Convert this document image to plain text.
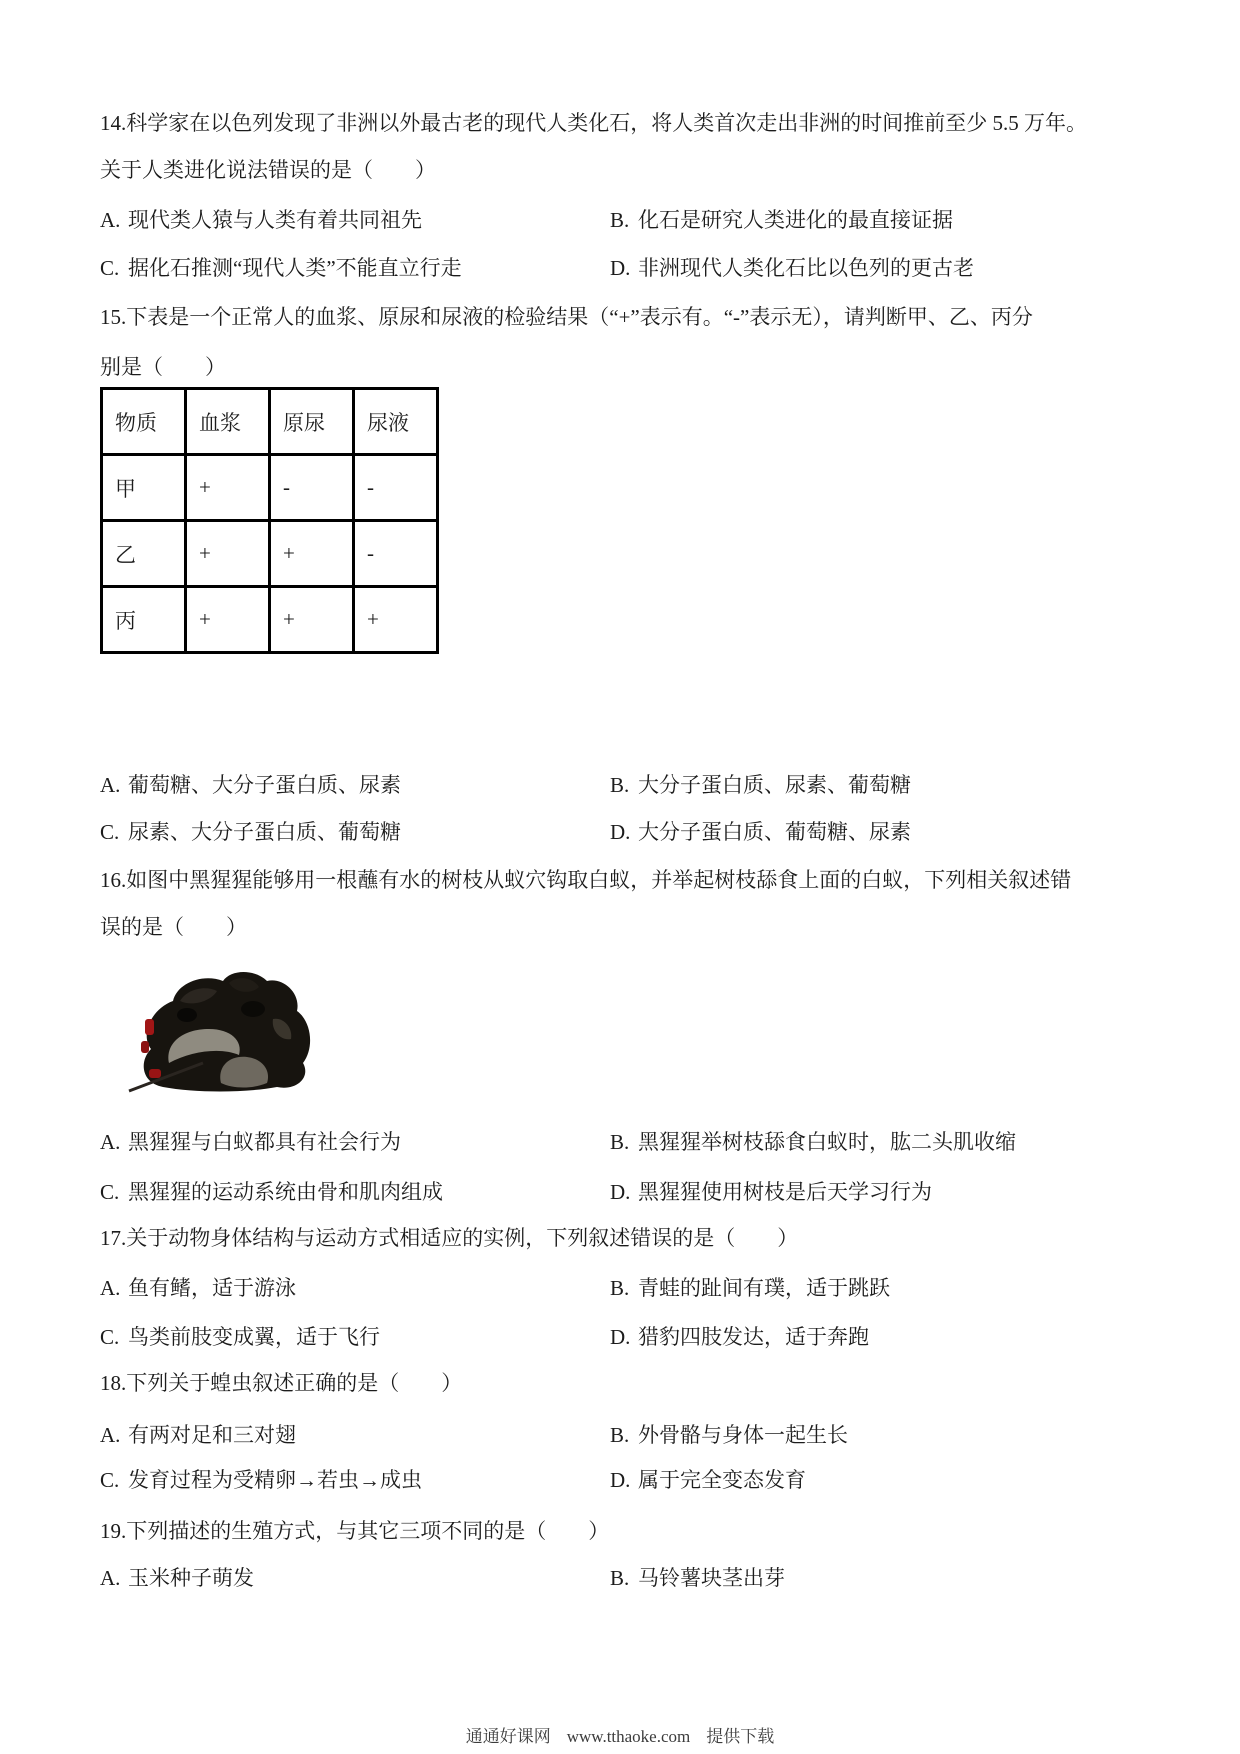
14.科学家在以色列发现了非洲以外最古老的现代人类化石，将人类首次走出非洲的时间推前至少 5.5 万年。
关于人类进化说法错误的是（　　）
A. 现代类人猿与人类有着共同祖先	B. 化石是研究人类进化的最直接证据
C. 据化石推测“现代人类”不能直立行走	D. 非洲现代人类化石比以色列的更古老
15.下表是一个正常人的血浆、原尿和尿液的检验结果（“+”表示有。“-”表示无），请判断甲、乙、丙分
别是（　　）
物质	血浆	原尿	尿液
甲	+	-	-
乙	+	+	-
丙	+	+	+
A. 葡萄糖、大分子蛋白质、尿素	B. 大分子蛋白质、尿素、葡萄糖
C. 尿素、大分子蛋白质、葡萄糖	D. 大分子蛋白质、葡萄糖、尿素
16.如图中黑猩猩能够用一根蘸有水的树枝从蚁穴钩取白蚁，并举起树枝舔食上面的白蚁，下列相关叙述错
误的是（　　）
A. 黑猩猩与白蚁都具有社会行为	B. 黑猩猩举树枝舔食白蚁时，肱二头肌收缩
C. 黑猩猩的运动系统由骨和肌肉组成	D. 黑猩猩使用树枝是后天学习行为
17.关于动物身体结构与运动方式相适应的实例，下列叙述错误的是（　　）
A. 鱼有鳍，适于游泳	B. 青蛙的趾间有璞，适于跳跃
C. 鸟类前肢变成翼，适于飞行	D. 猎豹四肢发达，适于奔跑
18.下列关于蝗虫叙述正确的是（　　）
A. 有两对足和三对翅	B. 外骨骼与身体一起生长
C. 发育过程为受精卵→若虫→成虫	D. 属于完全变态发育
19.下列描述的生殖方式，与其它三项不同的是（　　）
A. 玉米种子萌发	B. 马铃薯块茎出芽
通通好课网 www.tthaoke.com 提供下载
